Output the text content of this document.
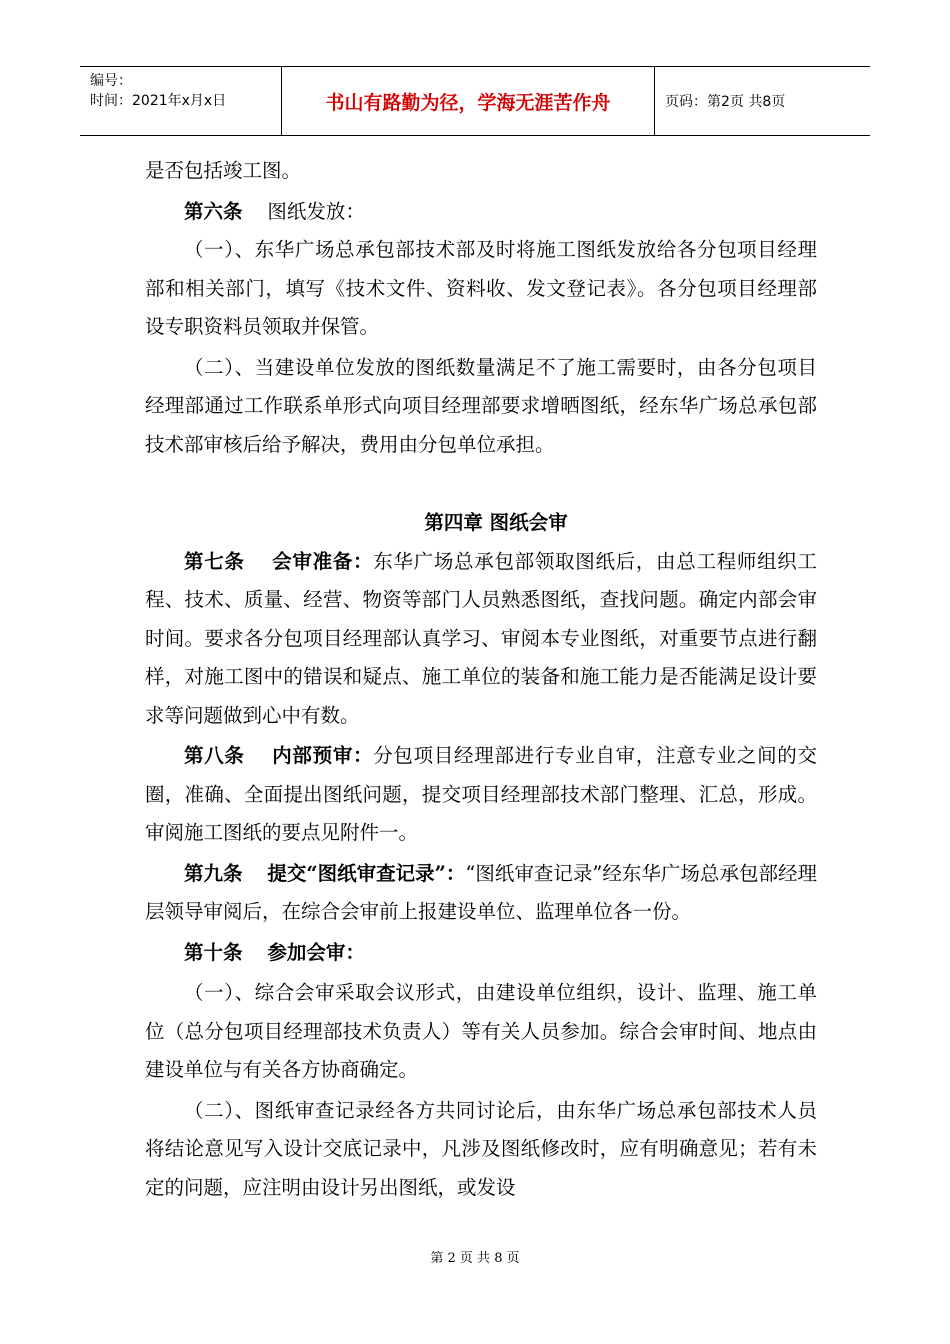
编号：
时间：2021年x月x日	书山有路勤为径，学海无涯苦作舟	页码：第2页 共8页

是否包括竣工图。

第六条 图纸发放：

（一）、东华广场总承包部技术部及时将施工图纸发放给各分包项目经理部和相关部门，填写《技术文件、资料收、发文登记表》。各分包项目经理部设专职资料员领取并保管。

（二）、当建设单位发放的图纸数量满足不了施工需要时，由各分包项目经理部通过工作联系单形式向项目经理部要求增晒图纸，经东华广场总承包部技术部审核后给予解决，费用由分包单位承担。

第四章 图纸会审

第七条 会审准备：东华广场总承包部领取图纸后，由总工程师组织工程、技术、质量、经营、物资等部门人员熟悉图纸，查找问题。确定内部会审时间。要求各分包项目经理部认真学习、审阅本专业图纸，对重要节点进行翻样，对施工图中的错误和疑点、施工单位的装备和施工能力是否能满足设计要求等问题做到心中有数。

第八条 内部预审：分包项目经理部进行专业自审，注意专业之间的交圈，准确、全面提出图纸问题，提交项目经理部技术部门整理、汇总，形成。审阅施工图纸的要点见附件一。

第九条 提交“图纸审查记录”：“图纸审查记录”经东华广场总承包部经理层领导审阅后，在综合会审前上报建设单位、监理单位各一份。

第十条 参加会审：

（一）、综合会审采取会议形式，由建设单位组织，设计、监理、施工单位（总分包项目经理部技术负责人）等有关人员参加。综合会审时间、地点由建设单位与有关各方协商确定。

（二）、图纸审查记录经各方共同讨论后，由东华广场总承包部技术人员将结论意见写入设计交底记录中，凡涉及图纸修改时，应有明确意见；若有未定的问题，应注明由设计另出图纸，或发设

第 2 页 共 8 页
